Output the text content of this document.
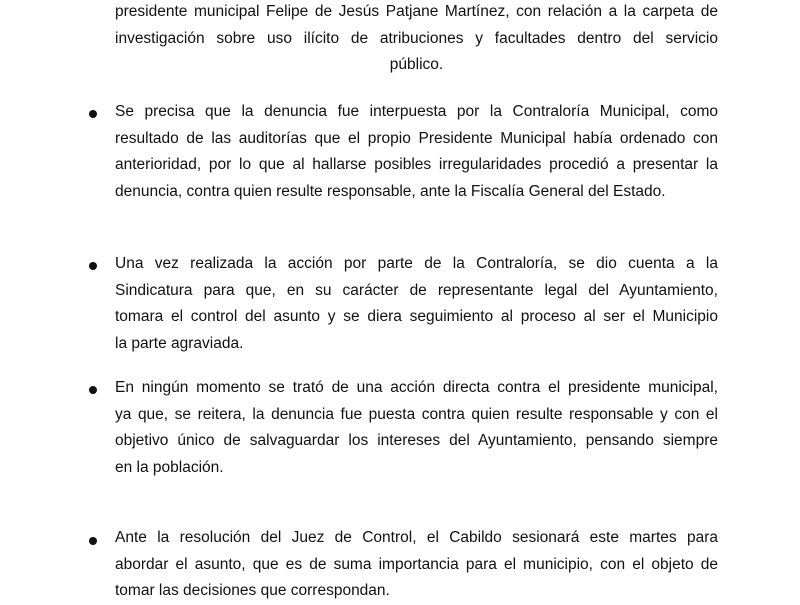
presidente municipal Felipe de Jesús Patjane Martínez, con relación a la carpeta de
investigación sobre uso ilícito de atribuciones y facultades dentro del servicio
público.
Se precisa que la denuncia fue interpuesta por la Contraloría Municipal, como
resultado de las auditorías que el propio Presidente Municipal había ordenado con
anterioridad, por lo que al hallarse posibles irregularidades procedió a presentar la
denuncia, contra quien resulte responsable, ante la Fiscalía General del Estado.
Una vez realizada la acción por parte de la Contraloría, se dio cuenta a la
Sindicatura para que, en su carácter de representante legal del Ayuntamiento,
tomara el control del asunto y se diera seguimiento al proceso al ser el Municipio
la parte agraviada.
En ningún momento se trató de una acción directa contra el presidente municipal,
ya que, se reitera, la denuncia fue puesta contra quien resulte responsable y con el
objetivo único de salvaguardar los intereses del Ayuntamiento, pensando siempre
en la población.
Ante la resolución del Juez de Control, el Cabildo sesionará este martes para
abordar el asunto, que es de suma importancia para el municipio, con el objeto de
tomar las decisiones que correspondan.
